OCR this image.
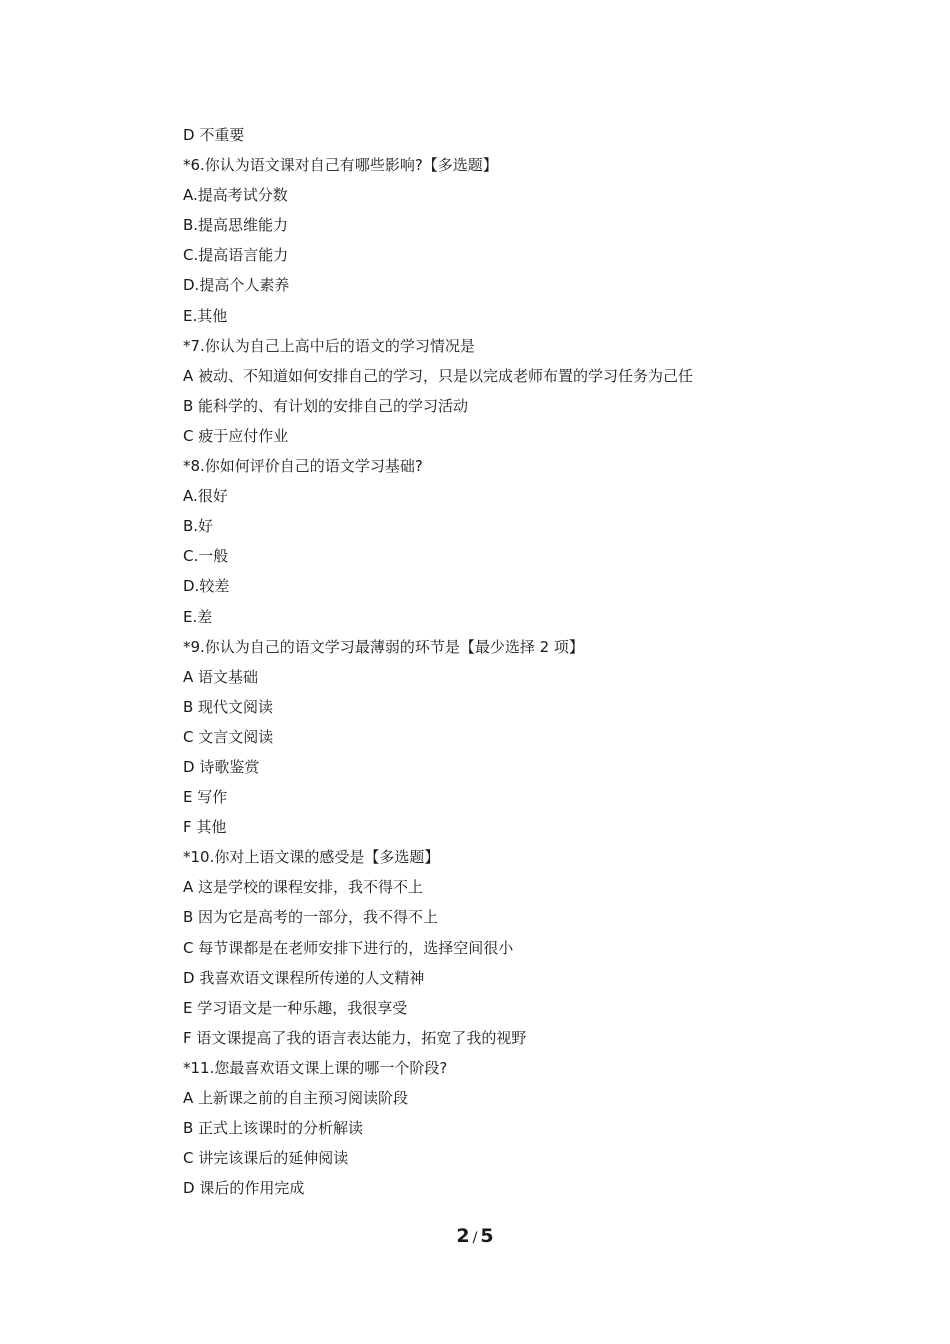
D 不重要
*6.你认为语文课对自己有哪些影响?【多选题】
A.提高考试分数
B.提高思维能力
C.提高语言能力
D.提高个人素养
E.其他
*7.你认为自己上高中后的语文的学习情况是
A 被动、不知道如何安排自己的学习，只是以完成老师布置的学习任务为己任
B 能科学的、有计划的安排自己的学习活动
C 疲于应付作业
*8.你如何评价自己的语文学习基础?
A.很好
B.好
C.一般
D.较差
E.差
*9.你认为自己的语文学习最薄弱的环节是【最少选择 2 项】
A 语文基础
B 现代文阅读
C 文言文阅读
D 诗歌鉴赏
E 写作
F 其他
*10.你对上语文课的感受是【多选题】
A 这是学校的课程安排，我不得不上
B 因为它是高考的一部分，我不得不上
C 每节课都是在老师安排下进行的，选择空间很小
D 我喜欢语文课程所传递的人文精神
E 学习语文是一种乐趣，我很享受
F 语文课提高了我的语言表达能力，拓宽了我的视野
*11.您最喜欢语文课上课的哪一个阶段?
A 上新课之前的自主预习阅读阶段
B 正式上该课时的分析解读
C 讲完该课后的延伸阅读
D 课后的作用完成
2 / 5
